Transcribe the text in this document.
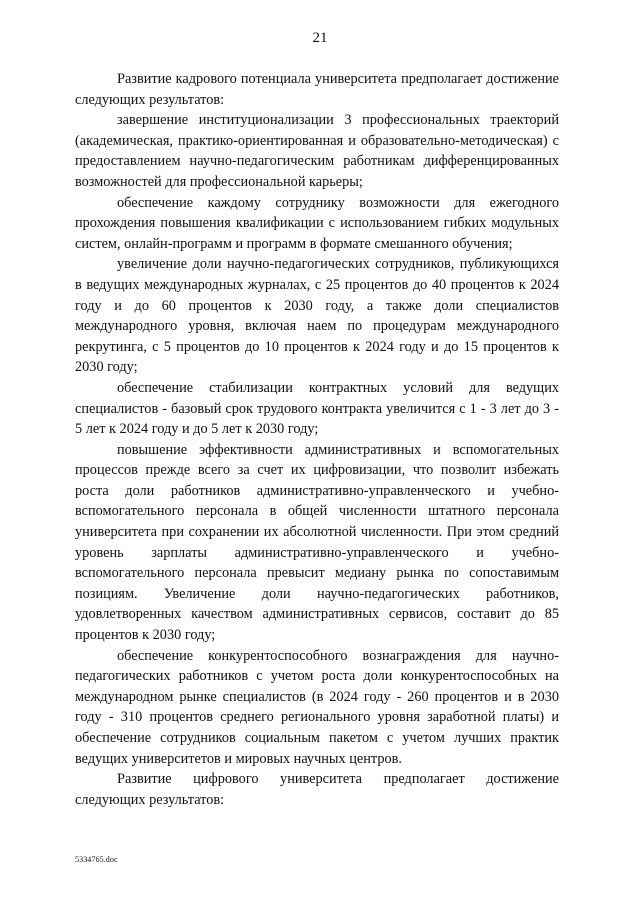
21

Развитие кадрового потенциала университета предполагает достижение следующих результатов:

завершение институционализации 3 профессиональных траекторий (академическая, практико-ориентированная и образовательно-методическая) с предоставлением научно-педагогическим работникам дифференцированных возможностей для профессиональной карьеры;

обеспечение каждому сотруднику возможности для ежегодного прохождения повышения квалификации с использованием гибких модульных систем, онлайн-программ и программ в формате смешанного обучения;

увеличение доли научно-педагогических сотрудников, публикующихся в ведущих международных журналах, с 25 процентов до 40 процентов к 2024 году и до 60 процентов к 2030 году, а также доли специалистов международного уровня, включая наем по процедурам международного рекрутинга, с 5 процентов до 10 процентов к 2024 году и до 15 процентов к 2030 году;

обеспечение стабилизации контрактных условий для ведущих специалистов - базовый срок трудового контракта увеличится с 1 - 3 лет до 3 - 5 лет к 2024 году и до 5 лет к 2030 году;

повышение эффективности административных и вспомогательных процессов прежде всего за счет их цифровизации, что позволит избежать роста доли работников административно-управленческого и учебно-вспомогательного персонала в общей численности штатного персонала университета при сохранении их абсолютной численности. При этом средний уровень зарплаты административно-управленческого и учебно-вспомогательного персонала превысит медиану рынка по сопоставимым позициям. Увеличение доли научно-педагогических работников, удовлетворенных качеством административных сервисов, составит до 85 процентов к 2030 году;

обеспечение конкурентоспособного вознаграждения для научно-педагогических работников с учетом роста доли конкурентоспособных на международном рынке специалистов (в 2024 году - 260 процентов и в 2030 году - 310 процентов среднего регионального уровня заработной платы) и обеспечение сотрудников социальным пакетом с учетом лучших практик ведущих университетов и мировых научных центров.

Развитие цифрового университета предполагает достижение следующих результатов:

5334765.doc
